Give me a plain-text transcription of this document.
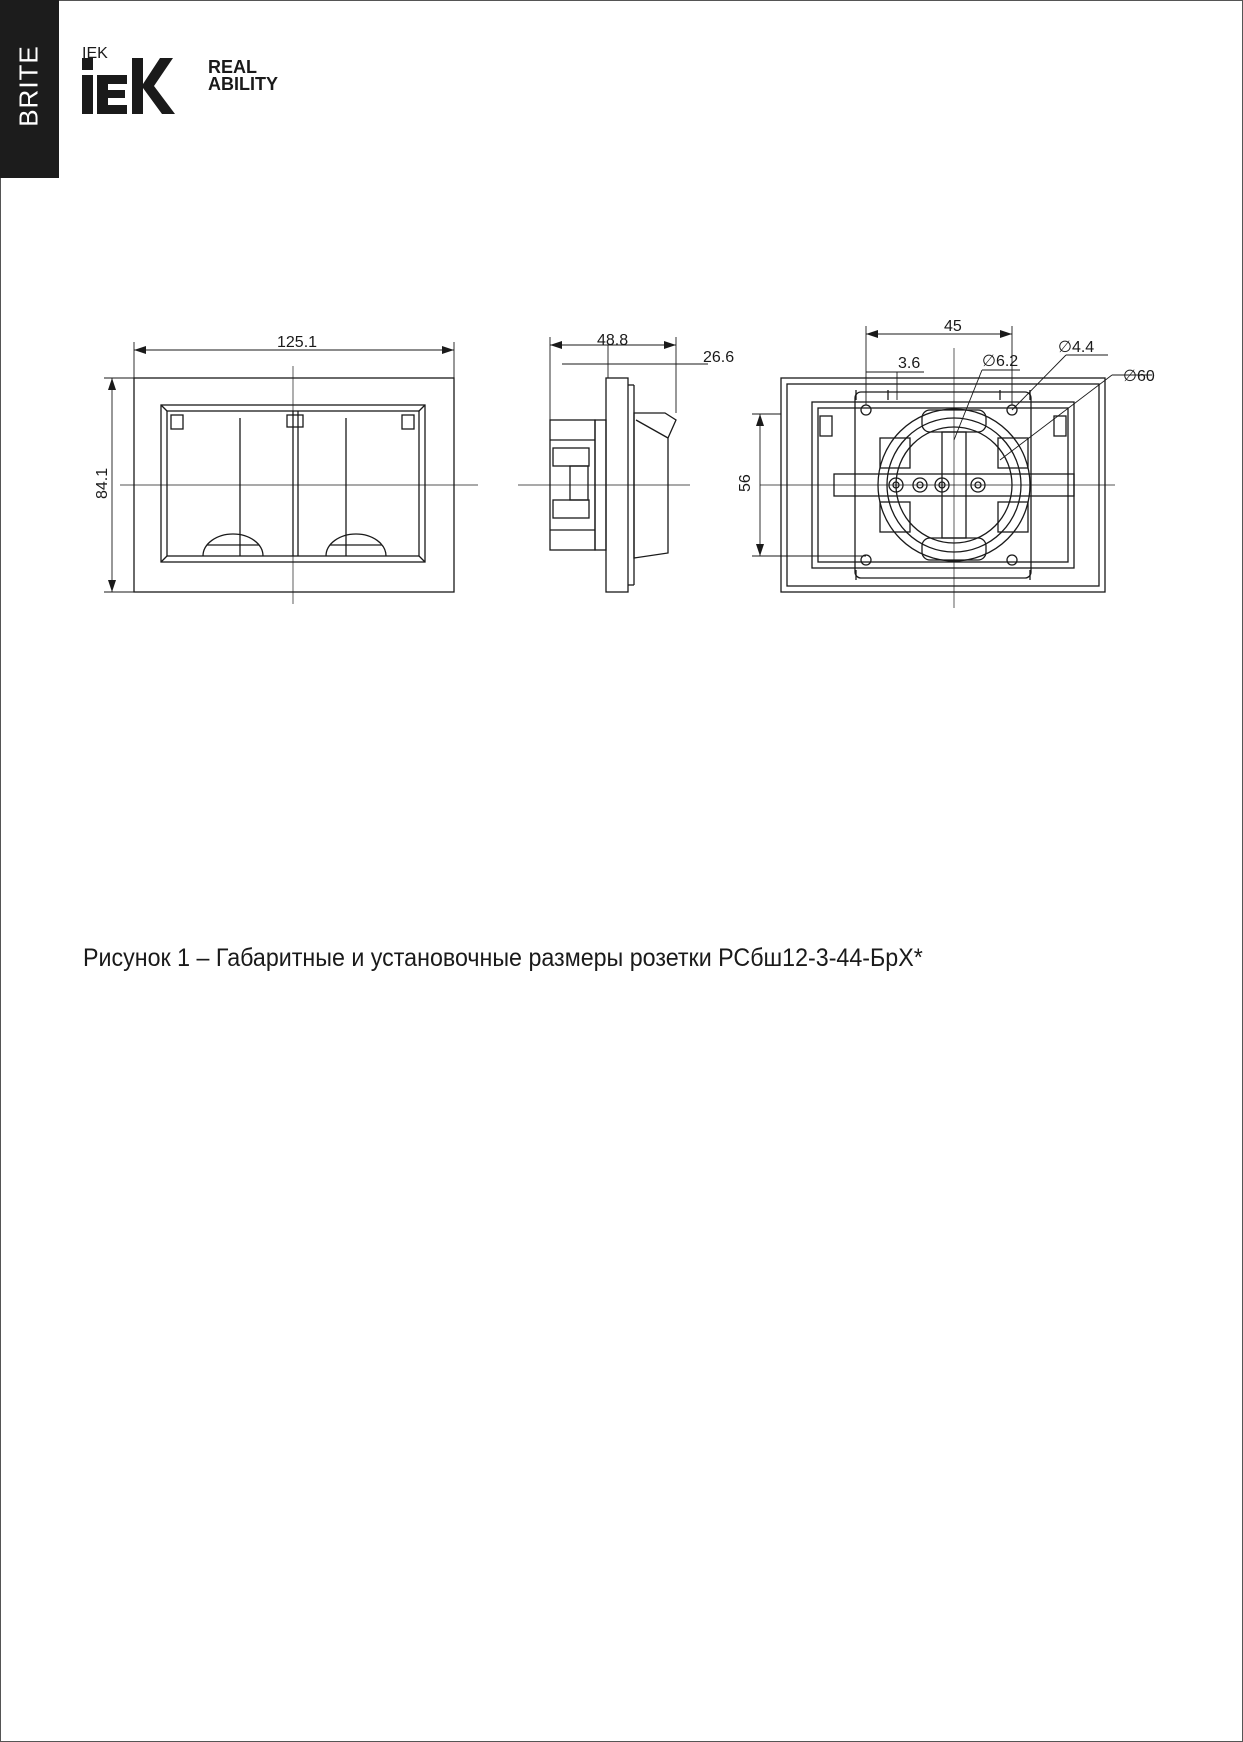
BRITE IEK
REAL
ABILITY
125.1
84.1
48.8
26.6
45
3.6	∅6.2
∅4.4
∅60
56
Рисунок 1 – Габаритные и установочные размеры розетки РСбш12-3-44-БрX*
